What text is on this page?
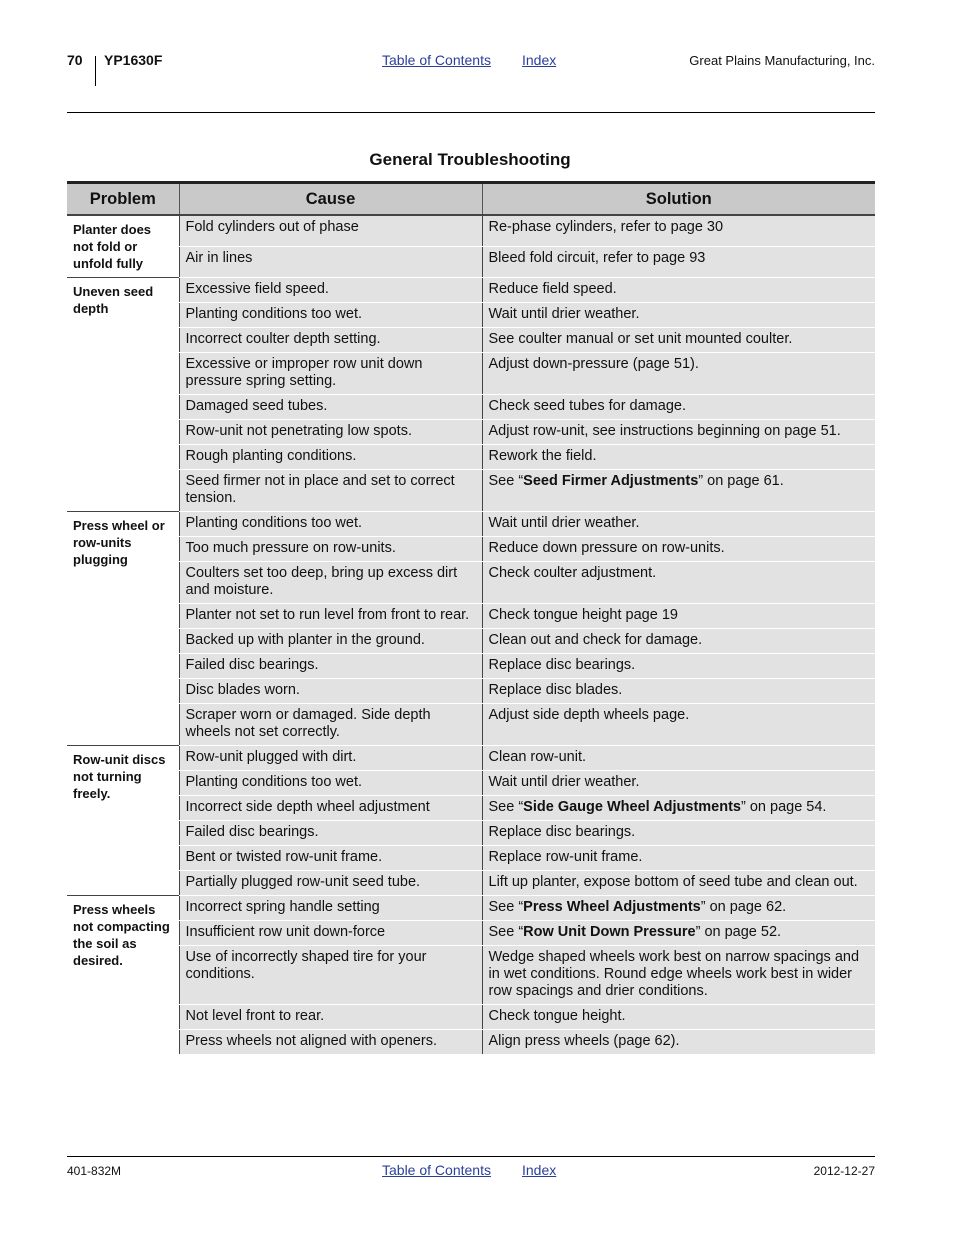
70 YP1630F	Table of Contents Index	Great Plains Manufacturing, Inc.
General Troubleshooting
Problem	Cause	Solution
Planter does not fold or unfold fully	Fold cylinders out of phase	Re-phase cylinders, refer to page 30
	Air in lines	Bleed fold circuit, refer to page 93
Uneven seed depth	Excessive field speed.	Reduce field speed.
	Planting conditions too wet.	Wait until drier weather.
	Incorrect coulter depth setting.	See coulter manual or set unit mounted coulter.
	Excessive or improper row unit down pressure spring setting.	Adjust down-pressure (page 51).
	Damaged seed tubes.	Check seed tubes for damage.
	Row-unit not penetrating low spots.	Adjust row-unit, see instructions beginning on page 51.
	Rough planting conditions.	Rework the field.
	Seed firmer not in place and set to correct tension.	See “Seed Firmer Adjustments” on page 61.
Press wheel or row-units plugging	Planting conditions too wet.	Wait until drier weather.
	Too much pressure on row-units.	Reduce down pressure on row-units.
	Coulters set too deep, bring up excess dirt and moisture.	Check coulter adjustment.
	Planter not set to run level from front to rear.	Check tongue height page 19
	Backed up with planter in the ground.	Clean out and check for damage.
	Failed disc bearings.	Replace disc bearings.
	Disc blades worn.	Replace disc blades.
	Scraper worn or damaged. Side depth wheels not set correctly.	Adjust side depth wheels page.
Row-unit discs not turning freely.	Row-unit plugged with dirt.	Clean row-unit.
	Planting conditions too wet.	Wait until drier weather.
	Incorrect side depth wheel adjustment	See “Side Gauge Wheel Adjustments” on page 54.
	Failed disc bearings.	Replace disc bearings.
	Bent or twisted row-unit frame.	Replace row-unit frame.
	Partially plugged row-unit seed tube.	Lift up planter, expose bottom of seed tube and clean out.
Press wheels not compacting the soil as desired.	Incorrect spring handle setting	See “Press Wheel Adjustments” on page 62.
	Insufficient row unit down-force	See “Row Unit Down Pressure” on page 52.
	Use of incorrectly shaped tire for your conditions.	Wedge shaped wheels work best on narrow spacings and in wet conditions. Round edge wheels work best in wider row spacings and drier conditions.
	Not level front to rear.	Check tongue height.
	Press wheels not aligned with openers.	Align press wheels (page 62).
401-832M	Table of Contents Index	2012-12-27
